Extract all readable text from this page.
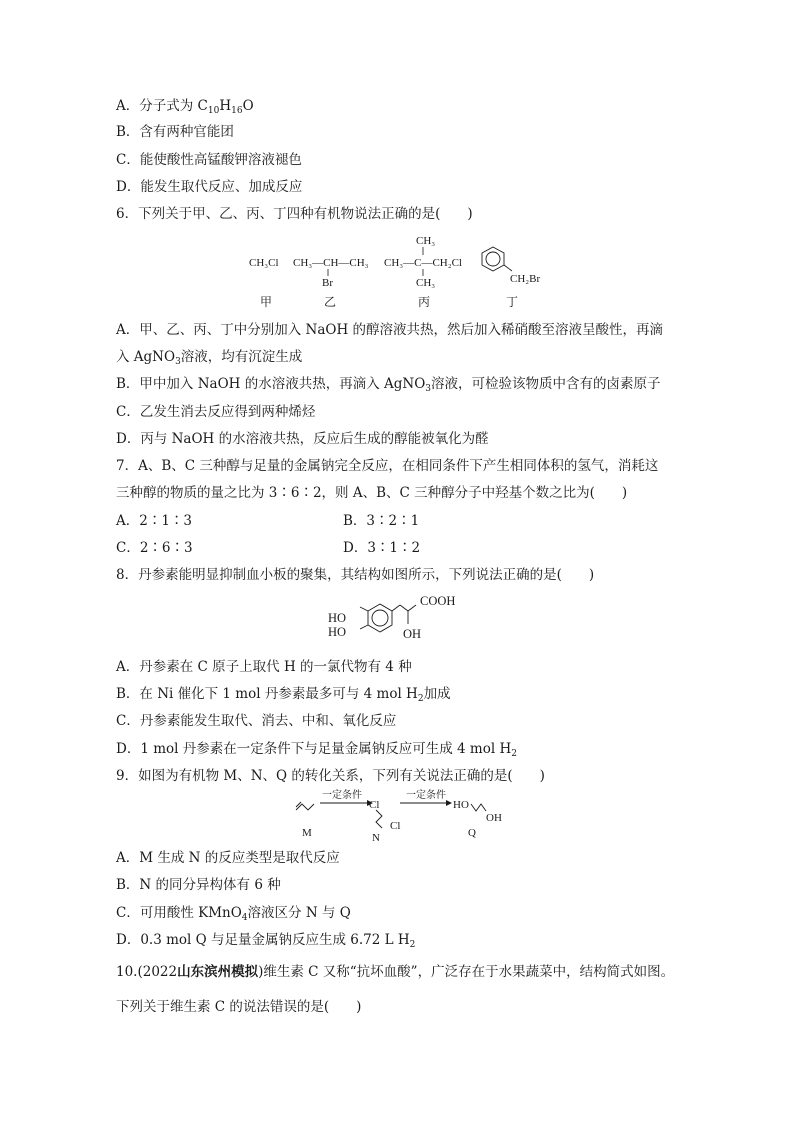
A．分子式为 $C_{10}H_{16}O$
B．含有两种官能团
C．能使酸性高锰酸钾溶液褪色
D．能发生取代反应、加成反应
6．下列关于甲、乙、丙、丁四种有机物说法正确的是(　　)
CH₃Cl CH₃—CH—CH₃
Br
CH₃
CH₃—C—CH₂Cl
CH₃	CH₂Br
甲	乙	丙	丁
A．甲、乙、丙、丁中分别加入 NaOH 的醇溶液共热，然后加入稀硝酸至溶液呈酸性，再滴
入 AgNO$_3$溶液，均有沉淀生成
B．甲中加入 NaOH 的水溶液共热，再滴入 AgNO$_3$溶液，可检验该物质中含有的卤素原子
C．乙发生消去反应得到两种烯烃
D．丙与 NaOH 的水溶液共热，反应后生成的醇能被氧化为醛
7．A、B、C 三种醇与足量的金属钠完全反应，在相同条件下产生相同体积的氢气，消耗这
三种醇的物质的量之比为 3∶6∶2，则 A、B、C 三种醇分子中羟基个数之比为(　　)
A．2∶1∶3	B．3∶2∶1
C．2∶6∶3	D．3∶1∶2
8．丹参素能明显抑制血小板的聚集，其结构如图所示，下列说法正确的是(　　)
COOH
OH
HO
HO
A．丹参素在 C 原子上取代 H 的一氯代物有 4 种
B．在 Ni 催化下 1 mol 丹参素最多可与 4 mol $H_2$加成
C．丹参素能发生取代、消去、中和、氧化反应
D．1 mol 丹参素在一定条件下与足量金属钠反应可生成 4 mol $H_2$
9．如图为有机物 M、N、Q 的转化关系，下列有关说法正确的是(　　)
M
一定条件
Cl
Cl
N
一定条件
HO
OH
Q
A．M 生成 N 的反应类型是取代反应
B．N 的同分异构体有 6 种
C．可用酸性 KMnO$_4$溶液区分 N 与 Q
D．0.3 mol Q 与足量金属钠反应生成 6.72 L $H_2$
10.(2022山东滨州模拟)维生素 C 又称“抗坏血酸”，广泛存在于水果蔬菜中，结构简式如图。
下列关于维生素 C 的说法错误的是(　　)
